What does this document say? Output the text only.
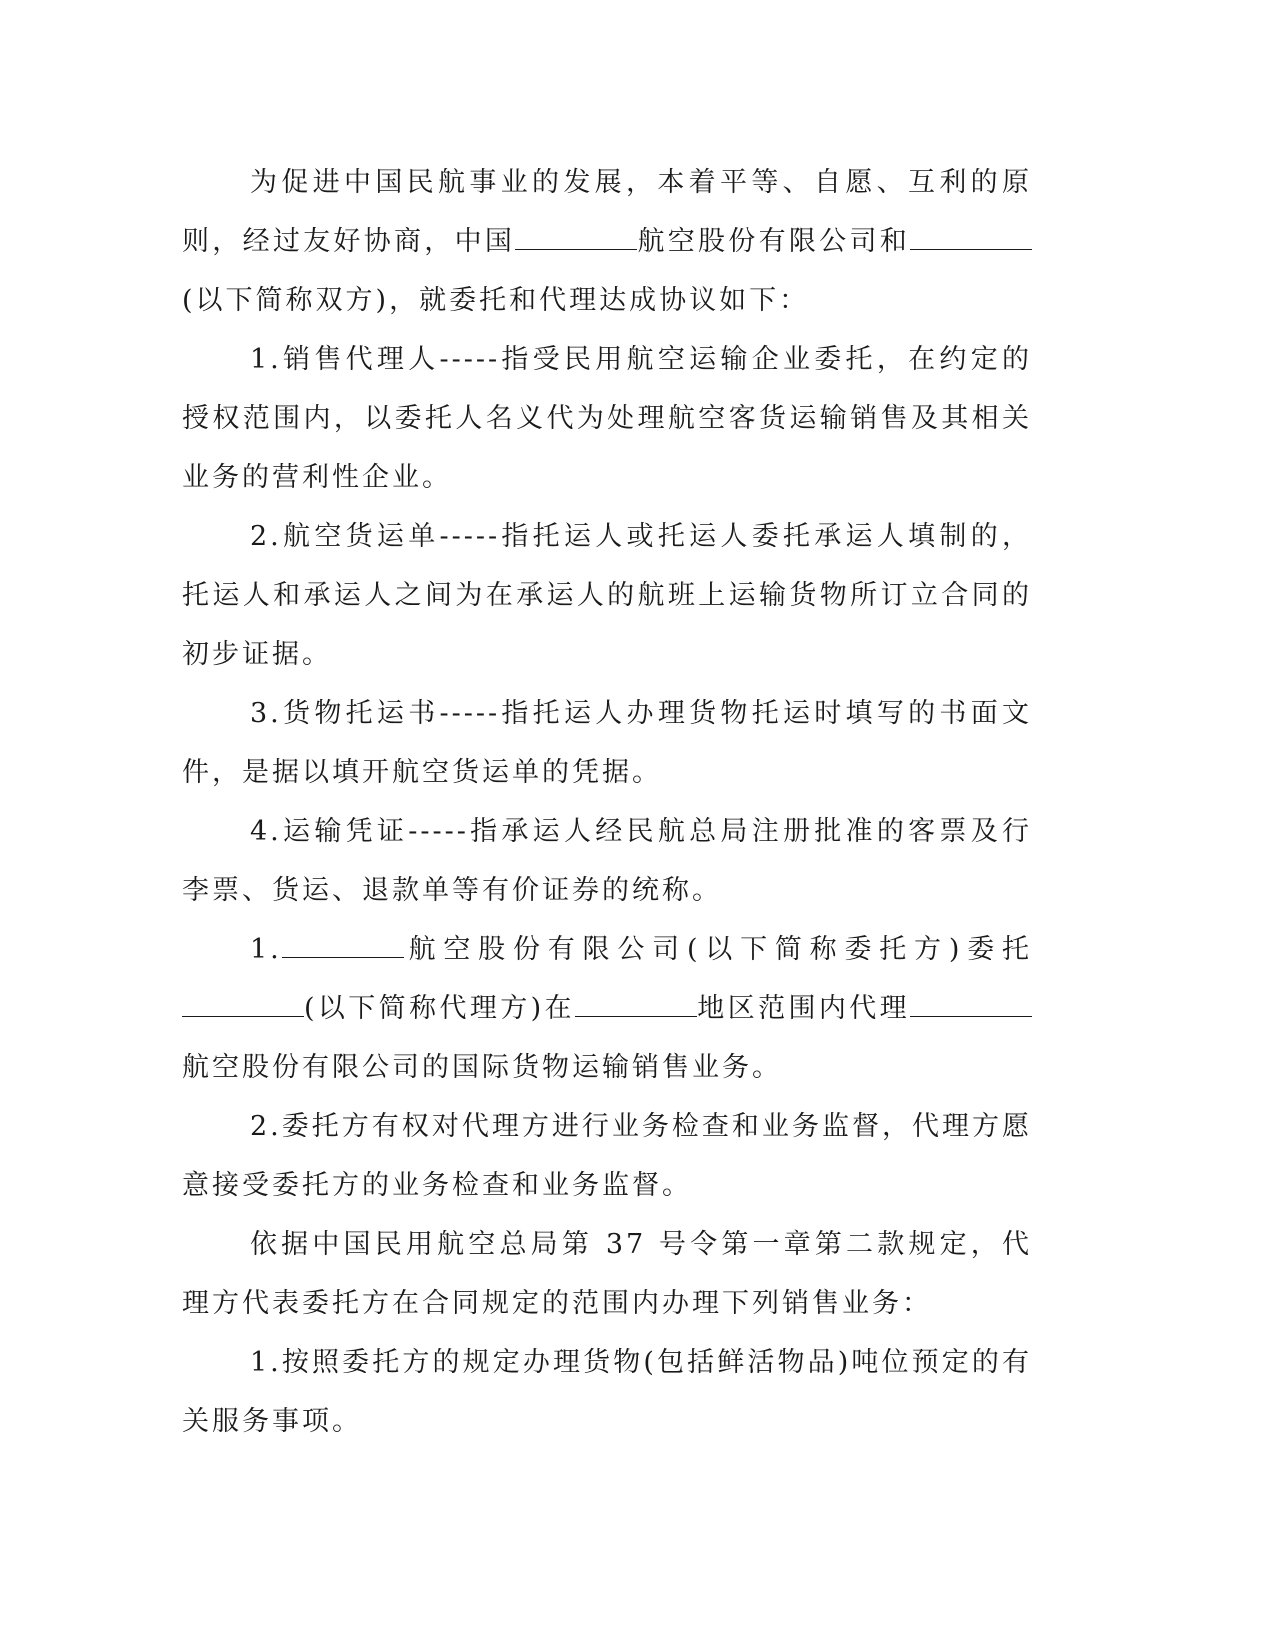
为促进中国民航事业的发展，本着平等、自愿、互利的原则，经过友好协商，中国	航空股份有限公司和(以下简称双方)，就委托和代理达成协议如下：

1.销售代理人-----指受民用航空运输企业委托，在约定的授权范围内，以委托人名义代为处理航空客货运输销售及其相关业务的营利性企业。

2.航空货运单-----指托运人或托运人委托承运人填制的，托运人和承运人之间为在承运人的航班上运输货物所订立合同的初步证据。

3.货物托运书-----指托运人办理货物托运时填写的书面文件，是据以填开航空货运单的凭据。

4.运输凭证-----指承运人经民航总局注册批准的客票及行李票、货运、退款单等有价证券的统称。

1.	航空股份有限公司(以下简称委托方)委托(以下简称代理方)在	地区范围内代理航空股份有限公司的国际货物运输销售业务。

2.委托方有权对代理方进行业务检查和业务监督，代理方愿意接受委托方的业务检查和业务监督。

依据中国民用航空总局第 37 号令第一章第二款规定，代理方代表委托方在合同规定的范围内办理下列销售业务：

1.按照委托方的规定办理货物(包括鲜活物品)吨位预定的有关服务事项。
